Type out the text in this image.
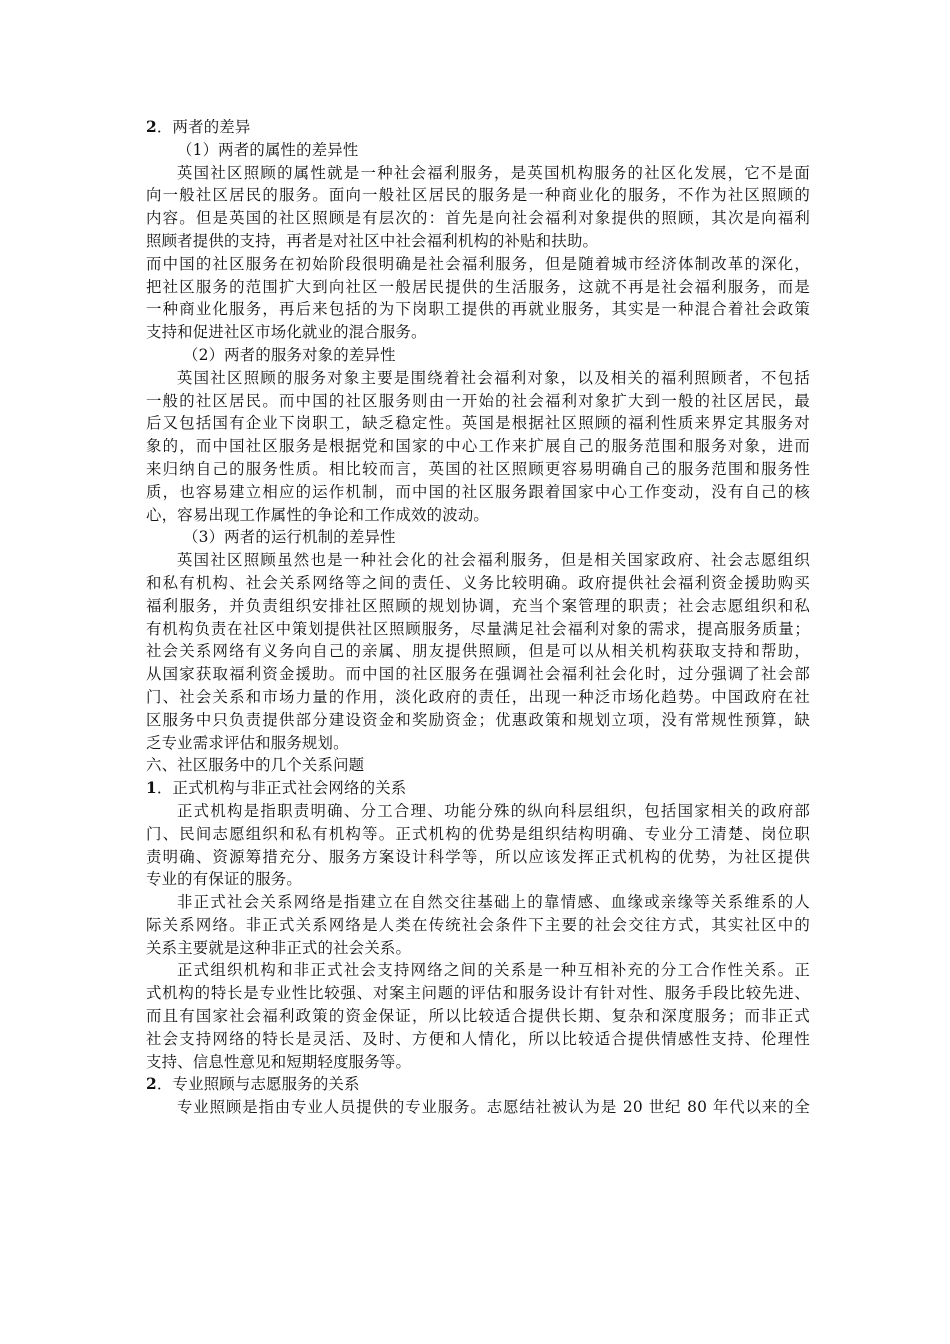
2．两者的差异
（1）两者的属性的差异性
英国社区照顾的属性就是一种社会福利服务，是英国机构服务的社区化发展，它不是面
向一般社区居民的服务。面向一般社区居民的服务是一种商业化的服务，不作为社区照顾的
内容。但是英国的社区照顾是有层次的：首先是向社会福利对象提供的照顾，其次是向福利
照顾者提供的支持，再者是对社区中社会福利机构的补贴和扶助。
而中国的社区服务在初始阶段很明确是社会福利服务，但是随着城市经济体制改革的深化，
把社区服务的范围扩大到向社区一般居民提供的生活服务，这就不再是社会福利服务，而是
一种商业化服务，再后来包括的为下岗职工提供的再就业服务，其实是一种混合着社会政策
支持和促进社区市场化就业的混合服务。
（2）两者的服务对象的差异性
英国社区照顾的服务对象主要是围绕着社会福利对象，以及相关的福利照顾者，不包括
一般的社区居民。而中国的社区服务则由一开始的社会福利对象扩大到一般的社区居民，最
后又包括国有企业下岗职工，缺乏稳定性。英国是根据社区照顾的福利性质来界定其服务对
象的，而中国社区服务是根据党和国家的中心工作来扩展自己的服务范围和服务对象，进而
来归纳自己的服务性质。相比较而言，英国的社区照顾更容易明确自己的服务范围和服务性
质，也容易建立相应的运作机制，而中国的社区服务跟着国家中心工作变动，没有自己的核
心，容易出现工作属性的争论和工作成效的波动。
（3）两者的运行机制的差异性
英国社区照顾虽然也是一种社会化的社会福利服务，但是相关国家政府、社会志愿组织
和私有机构、社会关系网络等之间的责任、义务比较明确。政府提供社会福利资金援助购买
福利服务，并负责组织安排社区照顾的规划协调，充当个案管理的职责；社会志愿组织和私
有机构负责在社区中策划提供社区照顾服务，尽量满足社会福利对象的需求，提高服务质量；
社会关系网络有义务向自己的亲属、朋友提供照顾，但是可以从相关机构获取支持和帮助，
从国家获取福利资金援助。而中国的社区服务在强调社会福利社会化时，过分强调了社会部
门、社会关系和市场力量的作用，淡化政府的责任，出现一种泛市场化趋势。中国政府在社
区服务中只负责提供部分建设资金和奖励资金；优惠政策和规划立项，没有常规性预算，缺
乏专业需求评估和服务规划。
六、社区服务中的几个关系问题
1．正式机构与非正式社会网络的关系
正式机构是指职责明确、分工合理、功能分殊的纵向科层组织，包括国家相关的政府部
门、民间志愿组织和私有机构等。正式机构的优势是组织结构明确、专业分工清楚、岗位职
责明确、资源筹措充分、服务方案设计科学等，所以应该发挥正式机构的优势，为社区提供
专业的有保证的服务。
非正式社会关系网络是指建立在自然交往基础上的靠情感、血缘或亲缘等关系维系的人
际关系网络。非正式关系网络是人类在传统社会条件下主要的社会交往方式，其实社区中的
关系主要就是这种非正式的社会关系。
正式组织机构和非正式社会支持网络之间的关系是一种互相补充的分工合作性关系。正
式机构的特长是专业性比较强、对案主问题的评估和服务设计有针对性、服务手段比较先进、
而且有国家社会福利政策的资金保证，所以比较适合提供长期、复杂和深度服务；而非正式
社会支持网络的特长是灵活、及时、方便和人情化，所以比较适合提供情感性支持、伦理性
支持、信息性意见和短期轻度服务等。
2．专业照顾与志愿服务的关系
专业照顾是指由专业人员提供的专业服务。志愿结社被认为是 20 世纪 80 年代以来的全
